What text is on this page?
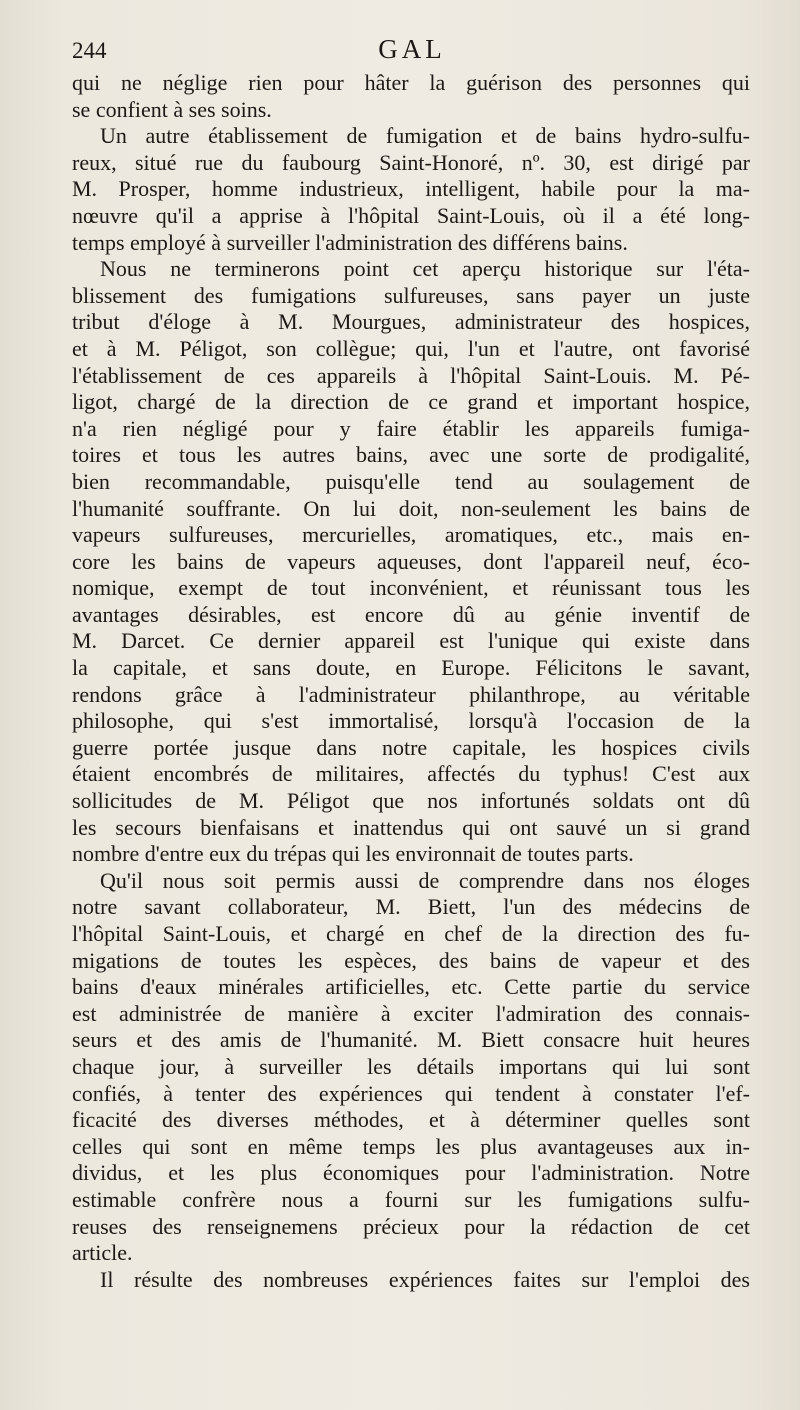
244	GAL
qui ne néglige rien pour hâter la guérison des personnes qui
se confient à ses soins.
Un autre établissement de fumigation et de bains hydro-sulfu-
reux, situé rue du faubourg Saint-Honoré, nº. 30, est dirigé par
M. Prosper, homme industrieux, intelligent, habile pour la ma-
nœuvre qu'il a apprise à l'hôpital Saint-Louis, où il a été long-
temps employé à surveiller l'administration des différens bains.
Nous ne terminerons point cet aperçu historique sur l'éta-
blissement des fumigations sulfureuses, sans payer un juste
tribut d'éloge à M. Mourgues, administrateur des hospices,
et à M. Péligot, son collègue; qui, l'un et l'autre, ont favorisé
l'établissement de ces appareils à l'hôpital Saint-Louis. M. Pé-
ligot, chargé de la direction de ce grand et important hospice,
n'a rien négligé pour y faire établir les appareils fumiga-
toires et tous les autres bains, avec une sorte de prodigalité,
bien recommandable, puisqu'elle tend au soulagement de
l'humanité souffrante. On lui doit, non-seulement les bains de
vapeurs sulfureuses, mercurielles, aromatiques, etc., mais en-
core les bains de vapeurs aqueuses, dont l'appareil neuf, éco-
nomique, exempt de tout inconvénient, et réunissant tous les
avantages désirables, est encore dû au génie inventif de
M. Darcet. Ce dernier appareil est l'unique qui existe dans
la capitale, et sans doute, en Europe. Félicitons le savant,
rendons grâce à l'administrateur philanthrope, au véritable
philosophe, qui s'est immortalisé, lorsqu'à l'occasion de la
guerre portée jusque dans notre capitale, les hospices civils
étaient encombrés de militaires, affectés du typhus! C'est aux
sollicitudes de M. Péligot que nos infortunés soldats ont dû
les secours bienfaisans et inattendus qui ont sauvé un si grand
nombre d'entre eux du trépas qui les environnait de toutes parts.
Qu'il nous soit permis aussi de comprendre dans nos éloges
notre savant collaborateur, M. Biett, l'un des médecins de
l'hôpital Saint-Louis, et chargé en chef de la direction des fu-
migations de toutes les espèces, des bains de vapeur et des
bains d'eaux minérales artificielles, etc. Cette partie du service
est administrée de manière à exciter l'admiration des connais-
seurs et des amis de l'humanité. M. Biett consacre huit heures
chaque jour, à surveiller les détails importans qui lui sont
confiés, à tenter des expériences qui tendent à constater l'ef-
ficacité des diverses méthodes, et à déterminer quelles sont
celles qui sont en même temps les plus avantageuses aux in-
dividus, et les plus économiques pour l'administration. Notre
estimable confrère nous a fourni sur les fumigations sulfu-
reuses des renseignemens précieux pour la rédaction de cet
article.
Il résulte des nombreuses expériences faites sur l'emploi des
